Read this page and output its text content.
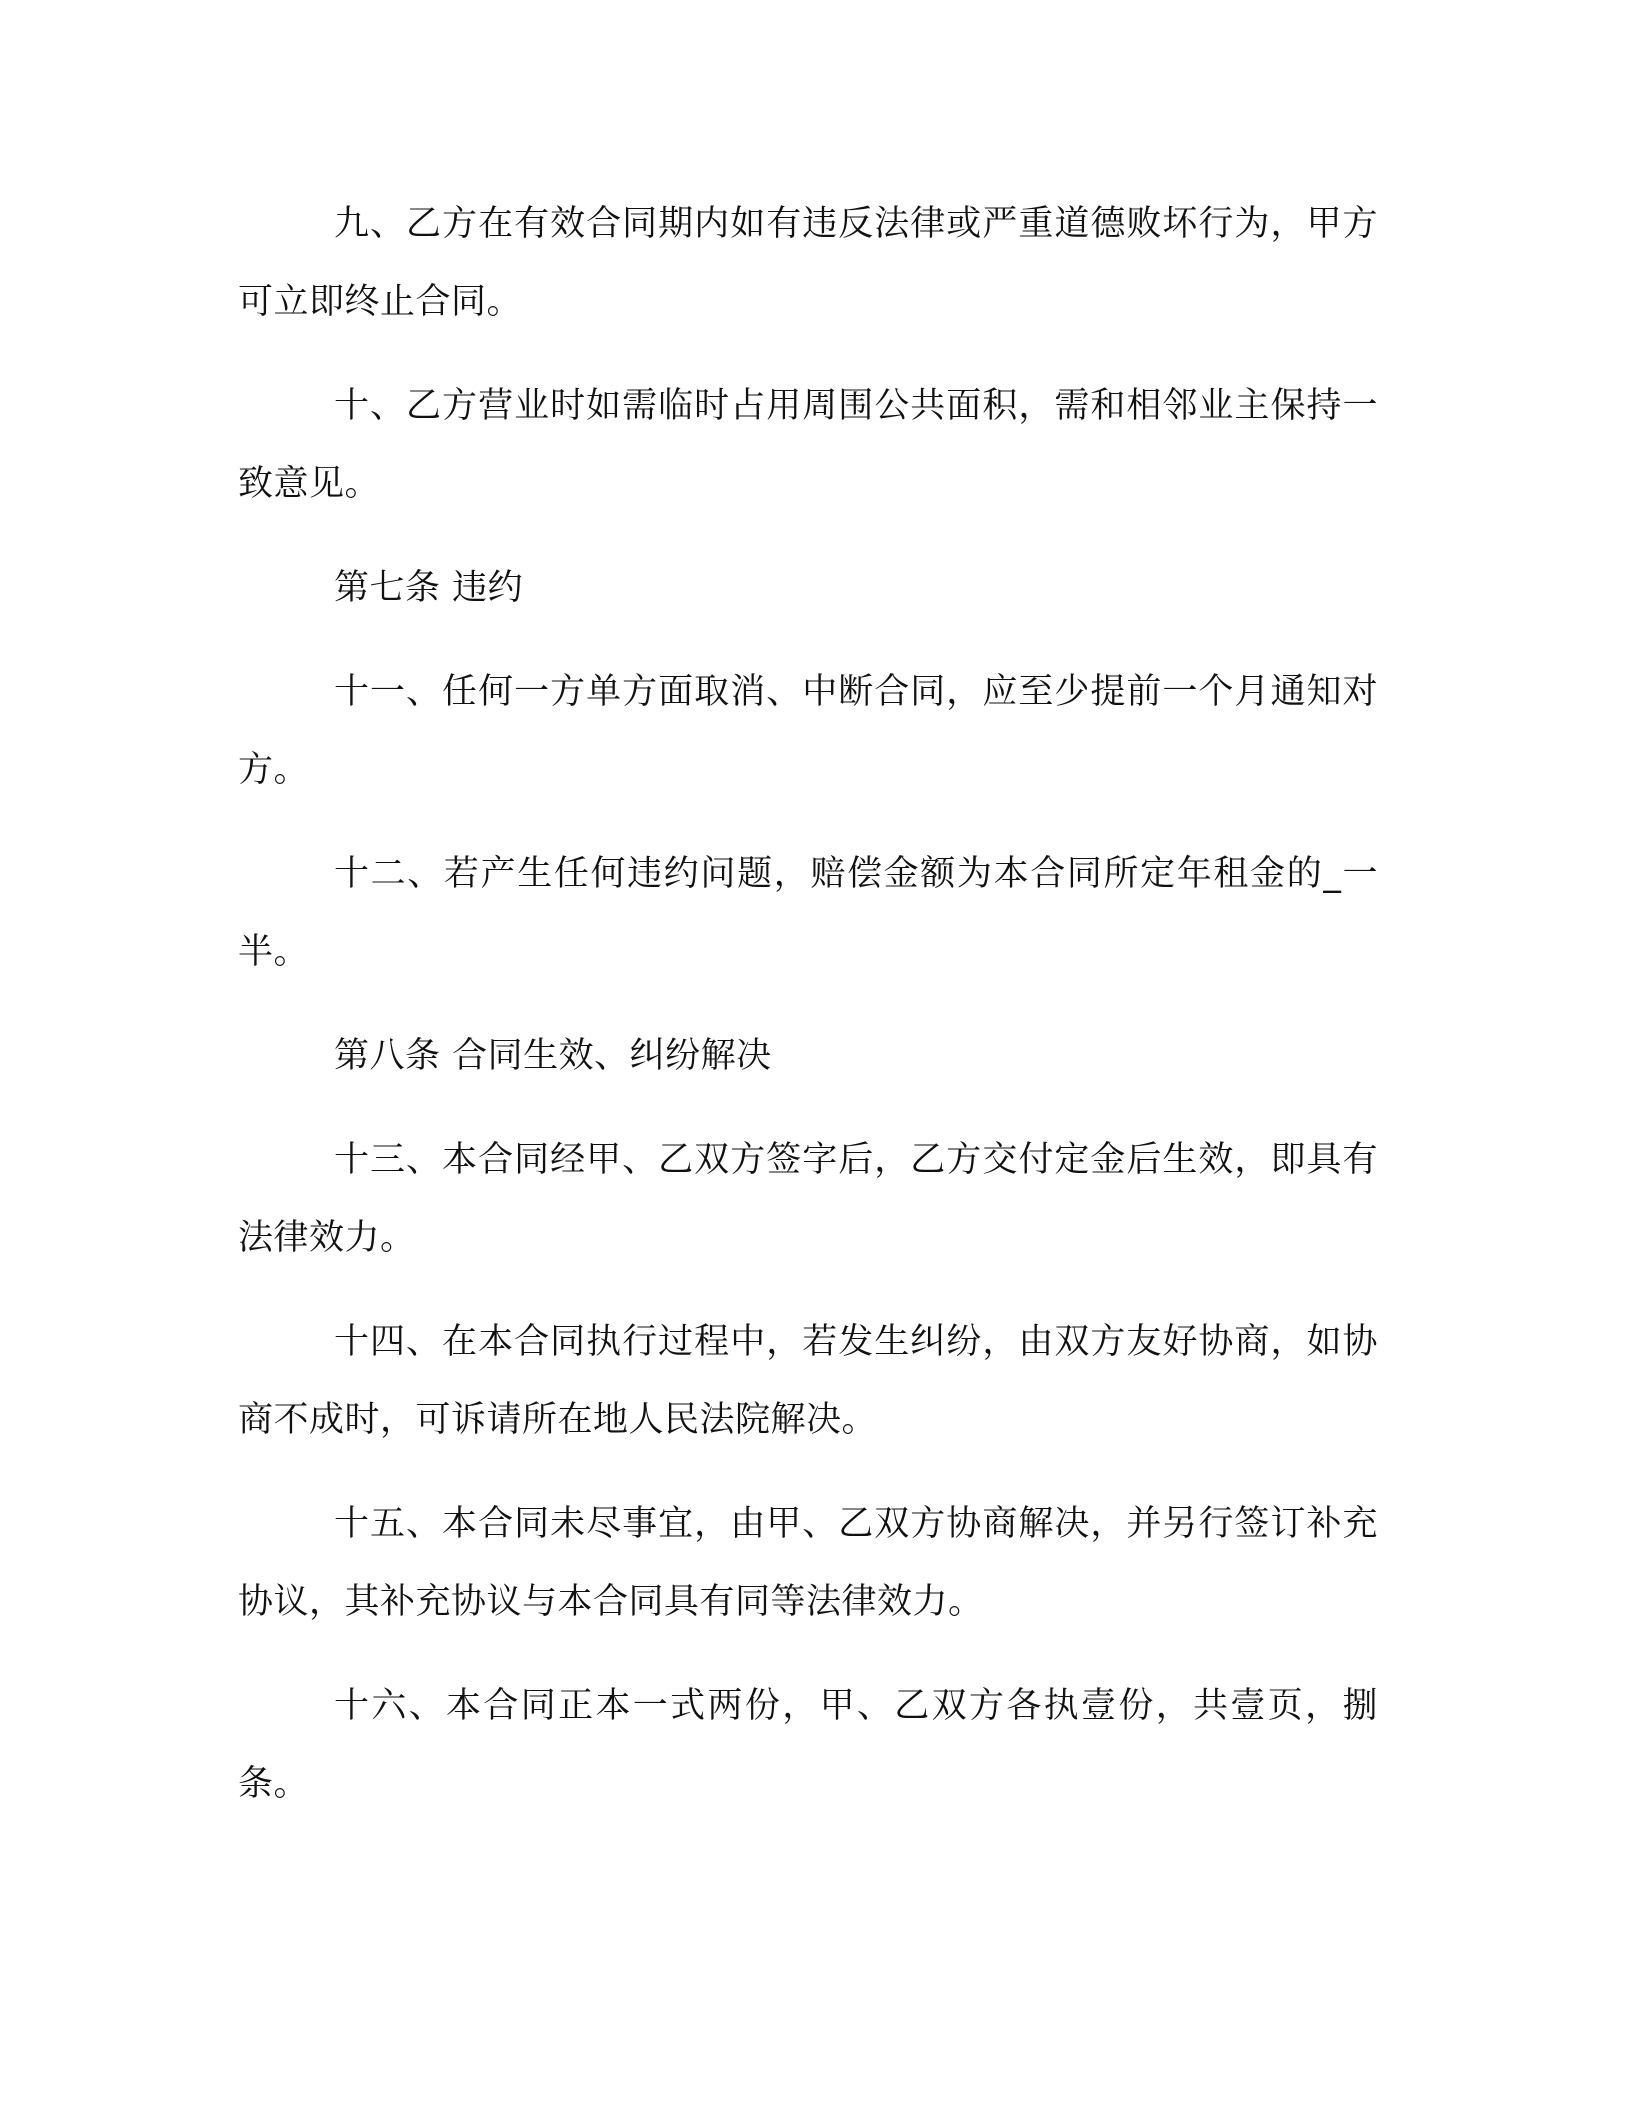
九、乙方在有效合同期内如有违反法律或严重道德败坏行为，甲方可立即终止合同。

十、乙方营业时如需临时占用周围公共面积，需和相邻业主保持一致意见。

第七条 违约

十一、任何一方单方面取消、中断合同，应至少提前一个月通知对方。

十二、若产生任何违约问题，赔偿金额为本合同所定年租金的_一半。

第八条 合同生效、纠纷解决

十三、本合同经甲、乙双方签字后，乙方交付定金后生效，即具有法律效力。

十四、在本合同执行过程中，若发生纠纷，由双方友好协商，如协商不成时，可诉请所在地人民法院解决。

十五、本合同未尽事宜，由甲、乙双方协商解决，并另行签订补充协议，其补充协议与本合同具有同等法律效力。

十六、本合同正本一式两份，甲、乙双方各执壹份，共壹页，捌条。
